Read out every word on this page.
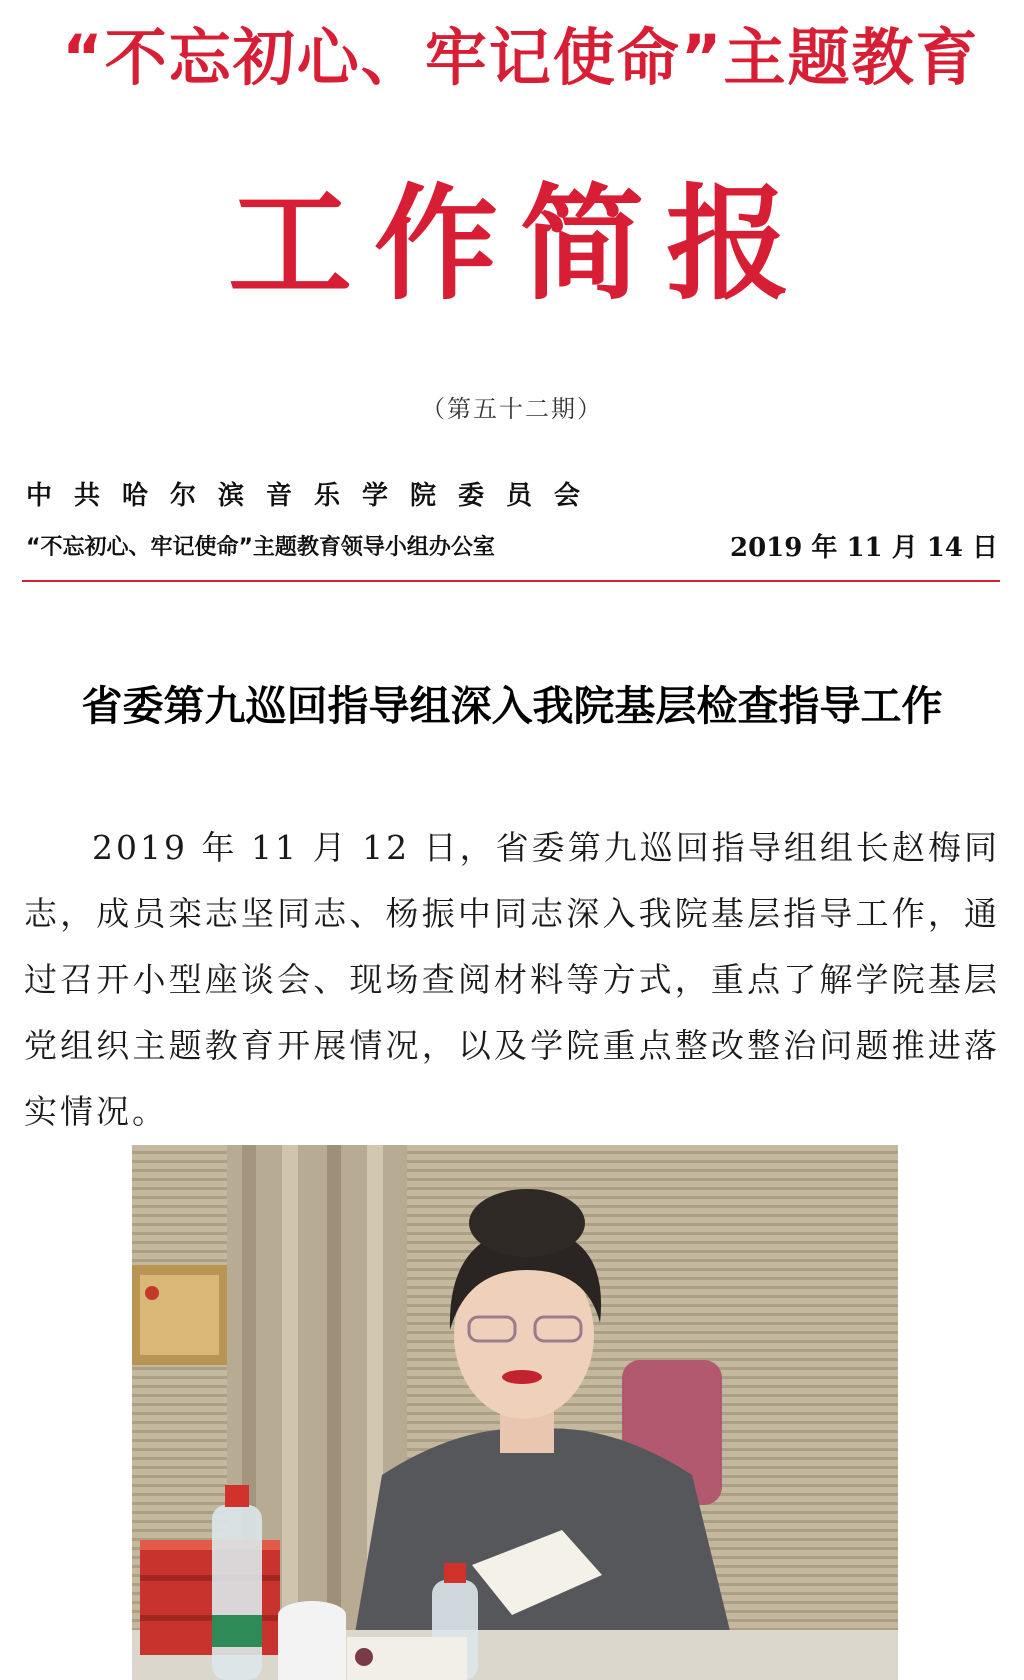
“不忘初心、牢记使命”主题教育
工作简报
（第五十二期）
中共哈尔滨音乐学院委员会
“不忘初心、牢记使命”主题教育领导小组办公室	2019 年 11 月 14 日
省委第九巡回指导组深入我院基层检查指导工作
2019 年 11 月 12 日，省委第九巡回指导组组长赵梅同志，成员栾志坚同志、杨振中同志深入我院基层指导工作，通过召开小型座谈会、现场查阅材料等方式，重点了解学院基层党组织主题教育开展情况，以及学院重点整改整治问题推进落实情况。
